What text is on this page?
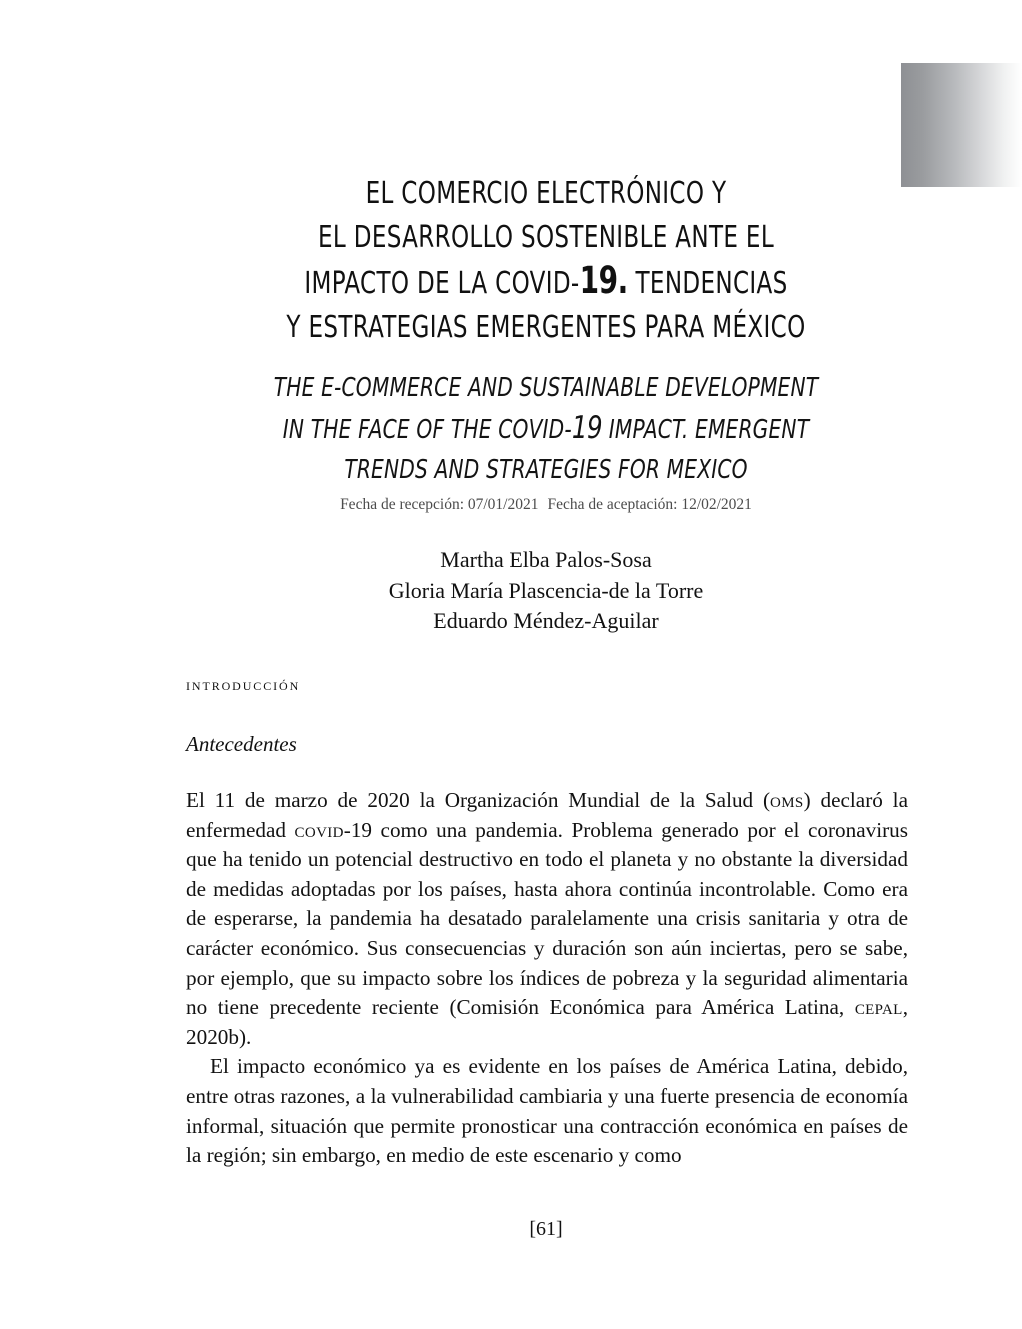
EL COMERCIO ELECTRÓNICO Y
EL DESARROLLO SOSTENIBLE ANTE EL
IMPACTO DE LA COVID-19. TENDENCIAS
Y ESTRATEGIAS EMERGENTES PARA MÉXICO
THE E-COMMERCE AND SUSTAINABLE DEVELOPMENT
IN THE FACE OF THE COVID-19 IMPACT. EMERGENT
TRENDS AND STRATEGIES FOR MEXICO
Fecha de recepción: 07/01/2021 Fecha de aceptación: 12/02/2021
Martha Elba Palos-Sosa
Gloria María Plascencia-de la Torre
Eduardo Méndez-Aguilar
introducción
Antecedentes

El 11 de marzo de 2020 la Organización Mundial de la Salud (oms) declaró la enfermedad covid-19 como una pandemia. Problema generado por el coronavirus que ha tenido un potencial destructivo en todo el planeta y no obstante la diversidad de medidas adoptadas por los países, hasta ahora continúa incontrolable. Como era de esperarse, la pandemia ha desatado paralelamente una crisis sanitaria y otra de carácter económico. Sus consecuencias y duración son aún inciertas, pero se sabe, por ejemplo, que su impacto sobre los índices de pobreza y la seguridad alimentaria no tiene precedente reciente (Comisión Económica para América Latina, cepal, 2020b).

El impacto económico ya es evidente en los países de América Latina, debido, entre otras razones, a la vulnerabilidad cambiaria y una fuerte presencia de economía informal, situación que permite pronosticar una contracción económica en países de la región; sin embargo, en medio de este escenario y como

[61]
